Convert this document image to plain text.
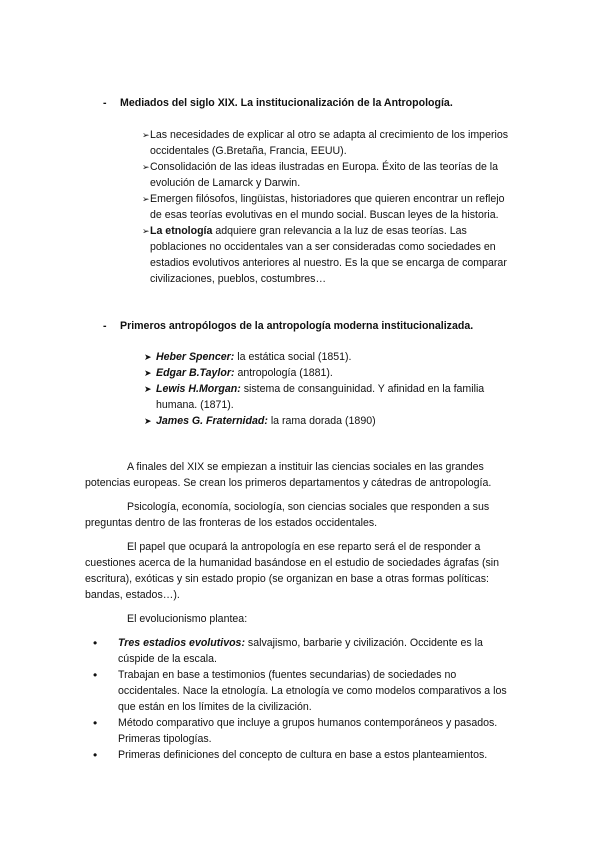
-	Mediados del siglo XIX. La institucionalización de la Antropología.
➢ Las necesidades de explicar al otro se adapta al crecimiento de los imperios occidentales (G.Bretaña, Francia, EEUU).
➢ Consolidación de las ideas ilustradas en Europa. Éxito de las teorías de la evolución de Lamarck y Darwin.
➢ Emergen filósofos, lingüistas, historiadores que quieren encontrar un reflejo de esas teorías evolutivas en el mundo social. Buscan leyes de la historia.
➢ La etnología adquiere gran relevancia a la luz de esas teorías. Las poblaciones no occidentales van a ser consideradas como sociedades en estadios evolutivos anteriores al nuestro. Es la que se encarga de comparar civilizaciones, pueblos, costumbres…
-	Primeros antropólogos de la antropología moderna institucionalizada.
➤ Heber Spencer: la estática social (1851).
➤ Edgar B.Taylor: antropología (1881).
➤ Lewis H.Morgan: sistema de consanguinidad. Y afinidad en la familia humana. (1871).
➤ James G. Fraternidad: la rama dorada (1890)

A finales del XIX se empiezan a instituir las ciencias sociales en las grandes potencias europeas. Se crean los primeros departamentos y cátedras de antropología.

Psicología, economía, sociología, son ciencias sociales que responden a sus preguntas dentro de las fronteras de los estados occidentales.

El papel que ocupará la antropología en ese reparto será el de responder a cuestiones acerca de la humanidad basándose en el estudio de sociedades ágrafas (sin escritura), exóticas y sin estado propio (se organizan en base a otras formas políticas: bandas, estados…).

El evolucionismo plantea:

•	Tres estadios evolutivos: salvajismo, barbarie y civilización. Occidente es la cúspide de la escala.
•	Trabajan en base a testimonios (fuentes secundarias) de sociedades no occidentales. Nace la etnología. La etnología ve como modelos comparativos a los que están en los límites de la civilización.
•	Método comparativo que incluye a grupos humanos contemporáneos y pasados. Primeras tipologías.
•	Primeras definiciones del concepto de cultura en base a estos planteamientos.
